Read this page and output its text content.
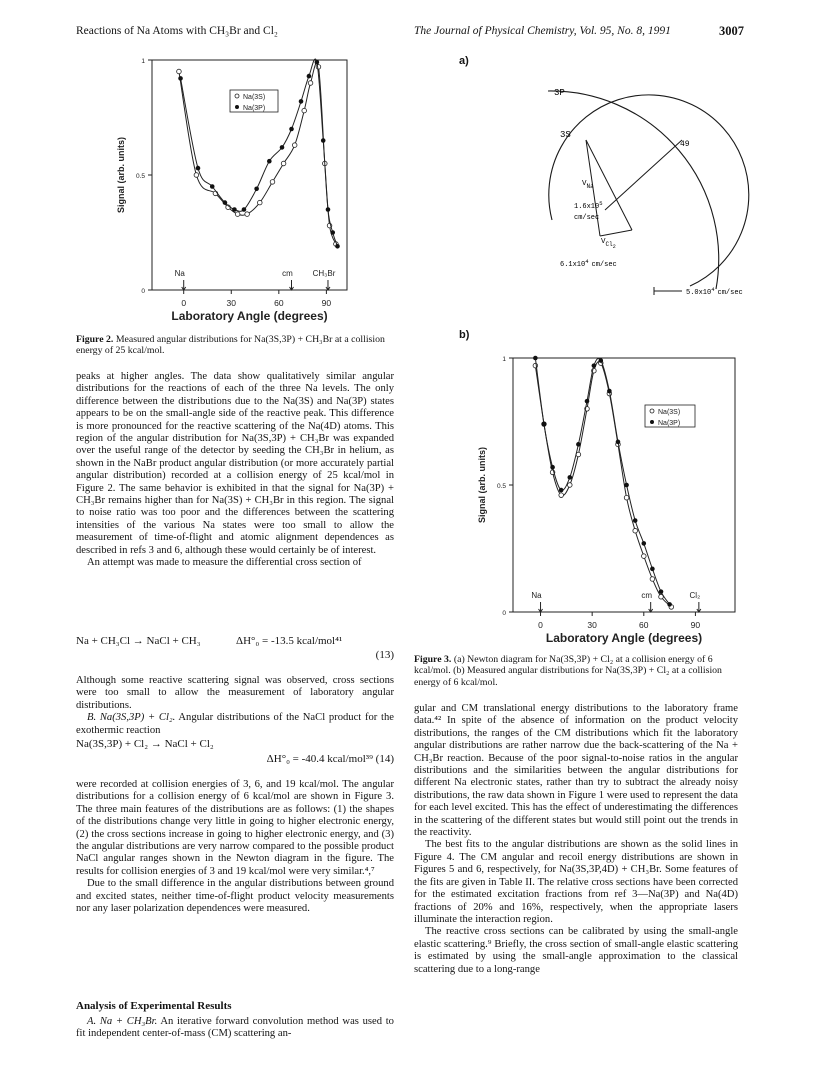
Reactions of Na Atoms with CH₃Br and Cl₂	The Journal of Physical Chemistry, Vol. 95, No. 8, 1991	3007
0	30	60	90
0
0.5
1
Laboratory Angle (degrees)
Signal (arb. units)
Na	cm CH₃Br
Na(3S)
Na(3P)
Figure 2. Measured angular distributions for Na(3S,3P) + CH₃Br at a collision energy of 25 kcal/mol.

peaks at higher angles. The data show qualitatively similar angular distributions for the reactions of each of the three Na levels. The only difference between the distributions due to the Na(3S) and Na(3P) states appears to be on the small-angle side of the reactive peak. This difference is more pronounced for the reactive scattering of the Na(4D) atoms. This region of the angular distribution for Na(3S,3P) + CH₃Br was expanded over the useful range of the detector by seeding the CH₃Br in helium, as shown in the NaBr product angular distribution (or more accurately partial angular distribution) recorded at a collision energy of 25 kcal/mol in Figure 2. The same behavior is exhibited in that the signal for Na(3P) + CH₃Br remains higher than for Na(3S) + CH₃Br in this region. The signal to noise ratio was too poor and the differences between the scattering intensities of the various Na states were too small to allow the measurement of time-of-flight and atomic alignment dependences as described in refs 3 and 6, although these would certainly be of interest.

An attempt was made to measure the differential cross section of

Na + CH₃Cl → NaCl + CH₃	ΔH°₀ = -13.5 kcal/mol⁴¹
(13)

Although some reactive scattering signal was observed, cross sections were too small to allow the measurement of laboratory angular distributions.

B. Na(3S,3P) + Cl₂. Angular distributions of the NaCl product for the exothermic reaction

Na(3S,3P) + Cl₂ → NaCl + Cl₂
ΔH°₀ = -40.4 kcal/mol³⁹ (14)

were recorded at collision energies of 3, 6, and 19 kcal/mol. The angular distributions for a collision energy of 6 kcal/mol are shown in Figure 3. The three main features of the distributions are as follows: (1) the shapes of the distributions change very little in going to higher electronic energy, (2) the cross sections increase in going to higher electronic energy, and (3) the angular distributions are very narrow compared to the possible product NaCl angular ranges shown in the Newton diagram in the figure. The results for collision energies of 3 and 19 kcal/mol were very similar.⁴,⁷

Due to the small difference in the angular distributions between ground and excited states, neither time-of-flight product velocity measurements nor any laser polarization dependences were measured.

Analysis of Experimental Results

A. Na + CH₃Br. An iterative forward convolution method was used to fit independent center-of-mass (CM) scattering an-

a)
3P
3S
49
$V_{Na}$
$1.6x10^5$
cm/sec
$V_{Cl2}$
$6.1x10^4$ cm/sec
$5.0x10^4$ cm/sec
b)
0	30	60	90
0
0.5
1
Laboratory Angle (degrees)
Signal (arb. units)
Na	cm	Cl₂
Na(3S)
Na(3P)
Figure 3. (a) Newton diagram for Na(3S,3P) + Cl₂ at a collision energy of 6 kcal/mol. (b) Measured angular distributions for Na(3S,3P) + Cl₂ at a collision energy of 6 kcal/mol.

gular and CM translational energy distributions to the laboratory frame data.⁴² In spite of the absence of information on the product velocity distributions, the ranges of the CM distributions which fit the laboratory angular distributions are rather narrow due the back-scattering of the Na + CH₃Br reaction. Because of the poor signal-to-noise ratios in the angular distributions and the similarities between the angular distributions for different Na electronic states, rather than try to subtract the already noisy distributions, the raw data shown in Figure 1 were used to represent the data for each level excited. This has the effect of underestimating the differences in the scattering of the different states but would still point out the trends in the reactivity.

The best fits to the angular distributions are shown as the solid lines in Figure 4. The CM angular and recoil energy distributions are shown in Figures 5 and 6, respectively, for Na(3S,3P,4D) + CH₃Br. Some features of the fits are given in Table II. The relative cross sections have been corrected for the estimated excitation fractions from ref 3—Na(3P) and Na(4D) fractions of 20% and 16%, respectively, when the appropriate lasers illuminate the interaction region.

The reactive cross sections can be calibrated by using the small-angle elastic scattering.⁹ Briefly, the cross section of small-angle elastic scattering is estimated by using the small-angle approximation to the classical scattering due to a long-range
